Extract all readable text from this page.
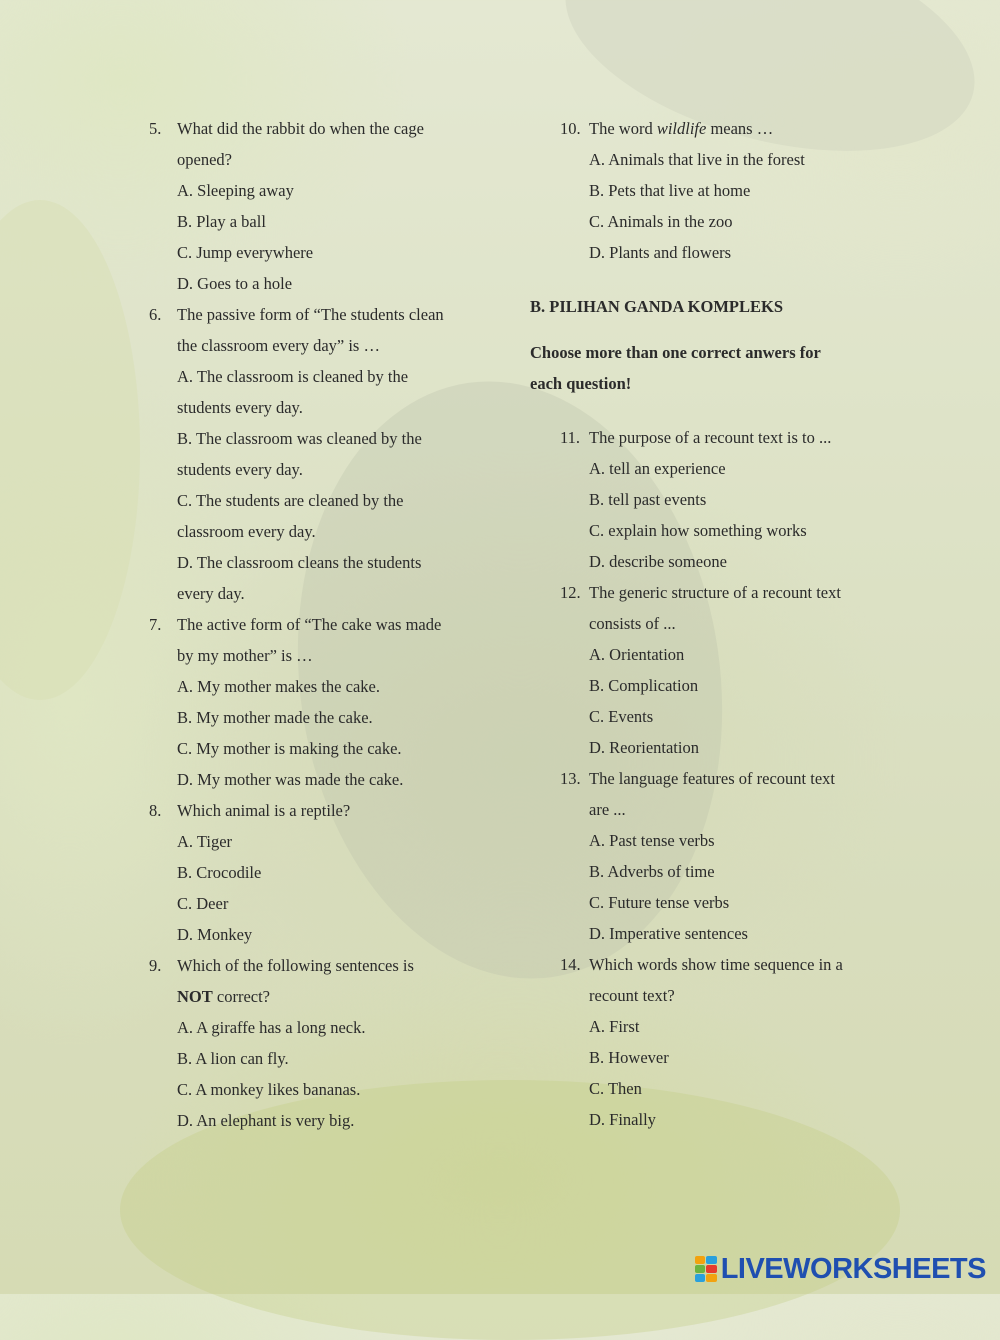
5. What did the rabbit do when the cage
opened?
A. Sleeping away
B. Play a ball
C. Jump everywhere
D. Goes to a hole
6. The passive form of “The students clean
the classroom every day” is …
A. The classroom is cleaned by the
students every day.
B. The classroom was cleaned by the
students every day.
C. The students are cleaned by the
classroom every day.
D. The classroom cleans the students
every day.
7. The active form of “The cake was made
by my mother” is …
A. My mother makes the cake.
B. My mother made the cake.
C. My mother is making the cake.
D. My mother was made the cake.
8. Which animal is a reptile?
A. Tiger
B. Crocodile
C. Deer
D. Monkey
9. Which of the following sentences is
NOT correct?
A. A giraffe has a long neck.
B. A lion can fly.
C. A monkey likes bananas.
D. An elephant is very big.
10. The word wildlife means …
A. Animals that live in the forest
B. Pets that live at home
C. Animals in the zoo
D. Plants and flowers
B. PILIHAN GANDA KOMPLEKS
Choose more than one correct anwers for
each question!
11. The purpose of a recount text is to ...
A. tell an experience
B. tell past events
C. explain how something works
D. describe someone
12. The generic structure of a recount text
consists of ...
A. Orientation
B. Complication
C. Events
D. Reorientation
13. The language features of recount text
are ...
A. Past tense verbs
B. Adverbs of time
C. Future tense verbs
D. Imperative sentences
14. Which words show time sequence in a
recount text?
A. First
B. However
C. Then
D. Finally
LIVEWORKSHEETS
